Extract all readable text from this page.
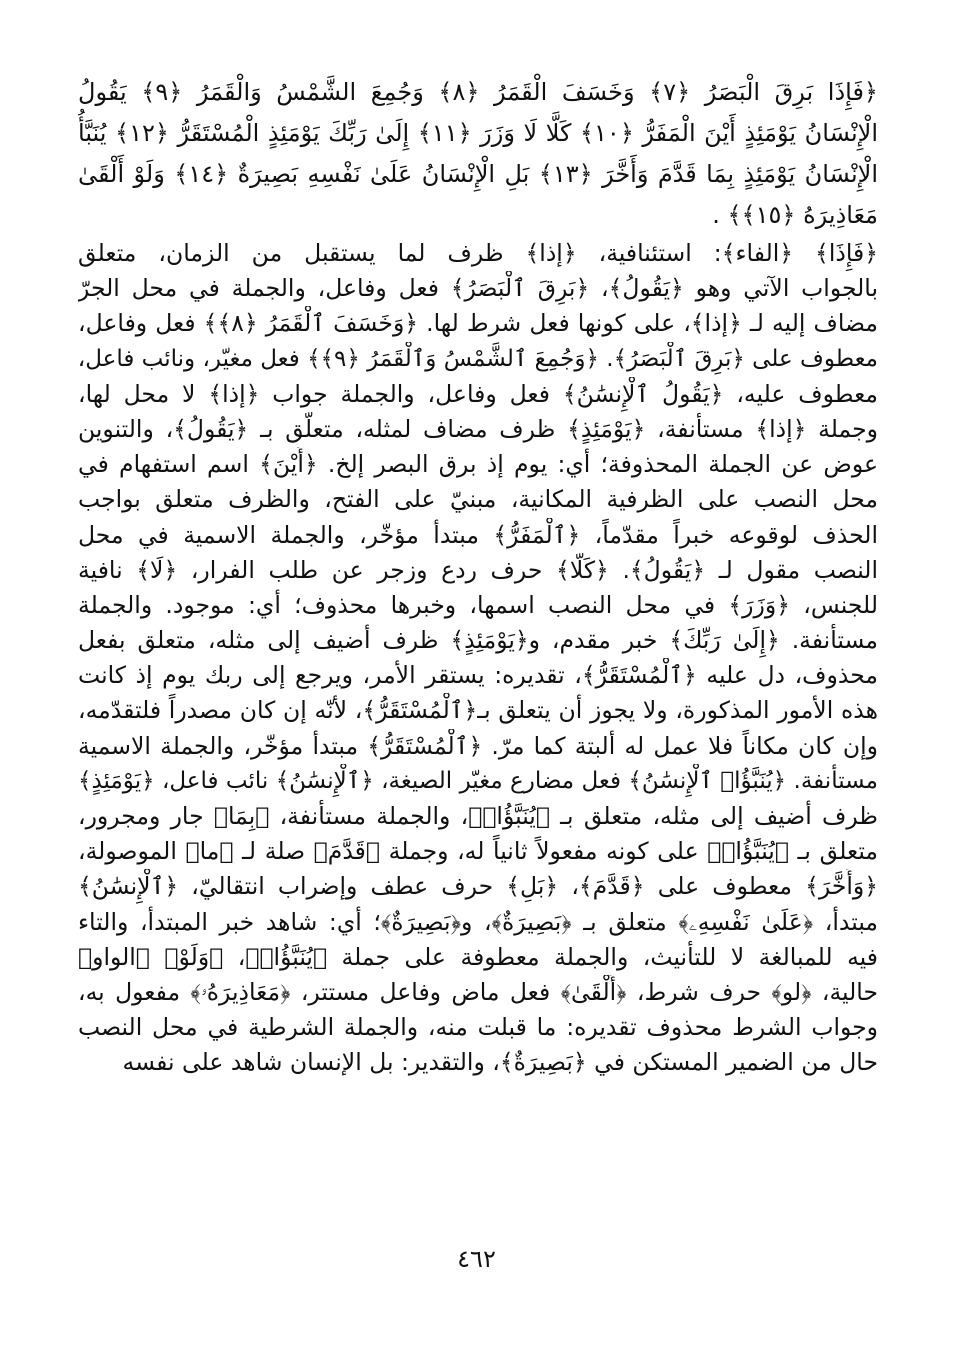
﴿فَإِذَا بَرِقَ الْبَصَرُ ﴿٧﴾ وَخَسَفَ الْقَمَرُ ﴿٨﴾ وَجُمِعَ الشَّمْسُ وَالْقَمَرُ ﴿٩﴾ يَقُولُ الْإِنْسَانُ يَوْمَئِذٍ أَيْنَ الْمَفَرُّ ﴿١٠﴾ كَلَّا لَا وَزَرَ ﴿١١﴾ إِلَىٰ رَبِّكَ يَوْمَئِذٍ الْمُسْتَقَرُّ ﴿١٢﴾ يُنَبَّأُ الْإِنْسَانُ يَوْمَئِذٍ بِمَا قَدَّمَ وَأَخَّرَ ﴿١٣﴾ بَلِ الْإِنْسَانُ عَلَىٰ نَفْسِهِ بَصِيرَةٌ ﴿١٤﴾ وَلَوْ أَلْقَىٰ مَعَاذِيرَهُ ﴿١٥﴾﴾ .
﴿فَإِذَا﴾ ﴿الفاء﴾: استئنافية، ﴿إذا﴾ ظرف لما يستقبل من الزمان، متعلق
بالجواب الآتي وهو ﴿يَقُولُ﴾، ﴿بَرِقَ ٱلْبَصَرُ﴾ فعل وفاعل، والجملة في محل الجرّ
مضاف إليه لـ ﴿إذا﴾، على كونها فعل شرط لها. ﴿وَخَسَفَ ٱلْقَمَرُ ﴿٨﴾﴾ فعل وفاعل،
معطوف على ﴿بَرِقَ ٱلْبَصَرُ﴾. ﴿وَجُمِعَ ٱلشَّمْسُ وَٱلْقَمَرُ ﴿٩﴾﴾ فعل مغيّر، ونائب فاعل،
معطوف عليه، ﴿يَقُولُ ٱلْإِنسَٰنُ﴾ فعل وفاعل، والجملة جواب ﴿إذا﴾ لا محل لها،
وجملة ﴿إذا﴾ مستأنفة، ﴿يَوْمَئِذٍ﴾ ظرف مضاف لمثله، متعلّق بـ ﴿يَقُولُ﴾، والتنوين
عوض عن الجملة المحذوفة؛ أي: يوم إذ برق البصر إلخ. ﴿أَيْنَ﴾ اسم استفهام في
محل النصب على الظرفية المكانية، مبنيّ على الفتح، والظرف متعلق بواجب
الحذف لوقوعه خبراً مقدّماً، ﴿ٱلْمَفَرُّ﴾ مبتدأ مؤخّر، والجملة الاسمية في محل
النصب مقول لـ ﴿يَقُولُ﴾. ﴿كَلَّا﴾ حرف ردع وزجر عن طلب الفرار، ﴿لَا﴾ نافية
للجنس، ﴿وَزَرَ﴾ في محل النصب اسمها، وخبرها محذوف؛ أي: موجود. والجملة
مستأنفة. ﴿إِلَىٰ رَبِّكَ﴾ خبر مقدم، و﴿يَوْمَئِذٍ﴾ ظرف أضيف إلى مثله، متعلق بفعل
محذوف، دل عليه ﴿ٱلْمُسْتَقَرُّ﴾، تقديره: يستقر الأمر، ويرجع إلى ربك يوم إذ كانت
هذه الأمور المذكورة، ولا يجوز أن يتعلق بـ﴿ٱلْمُسْتَقَرُّ﴾، لأنّه إن كان مصدراً فلتقدّمه،
وإن كان مكاناً فلا عمل له ألبتة كما مرّ. ﴿ٱلْمُسْتَقَرُّ﴾ مبتدأ مؤخّر، والجملة الاسمية
مستأنفة. ﴿يُنَبَّؤُا۟ ٱلْإِنسَٰنُ﴾ فعل مضارع مغيّر الصيغة، ﴿ٱلْإِنسَٰنُ﴾ نائب فاعل، ﴿يَوْمَئِذٍ﴾
ظرف أضيف إلى مثله، متعلق بـ ﴿يُنَبَّؤُا۟﴾، والجملة مستأنفة، ﴿بِمَا﴾ جار ومجرور،
متعلق بـ ﴿يُنَبَّؤُا۟﴾ على كونه مفعولاً ثانياً له، وجملة ﴿قَدَّمَ﴾ صلة لـ ﴿ما﴾ الموصولة،
﴿وَأَخَّرَ﴾ معطوف على ﴿قَدَّمَ﴾، ﴿بَلِ﴾ حرف عطف وإضراب انتقاليّ، ﴿ٱلْإِنسَٰنُ﴾
مبتدأ، ﴿عَلَىٰ نَفْسِهِۦ﴾ متعلق بـ ﴿بَصِيرَةٌ﴾، و﴿بَصِيرَةٌ﴾؛ أي: شاهد خبر المبتدأ، والتاء
فيه للمبالغة لا للتأنيث، والجملة معطوفة على جملة ﴿يُنَبَّؤُا۟﴾، ﴿وَلَوْ﴾ ﴿الواو﴾
حالية، ﴿لو﴾ حرف شرط، ﴿أَلْقَىٰ﴾ فعل ماض وفاعل مستتر، ﴿مَعَاذِيرَهُۥ﴾ مفعول به،
وجواب الشرط محذوف تقديره: ما قبلت منه، والجملة الشرطية في محل النصب
حال من الضمير المستكن في ﴿بَصِيرَةٌ﴾، والتقدير: بل الإنسان شاهد على نفسه
٤٦٢
